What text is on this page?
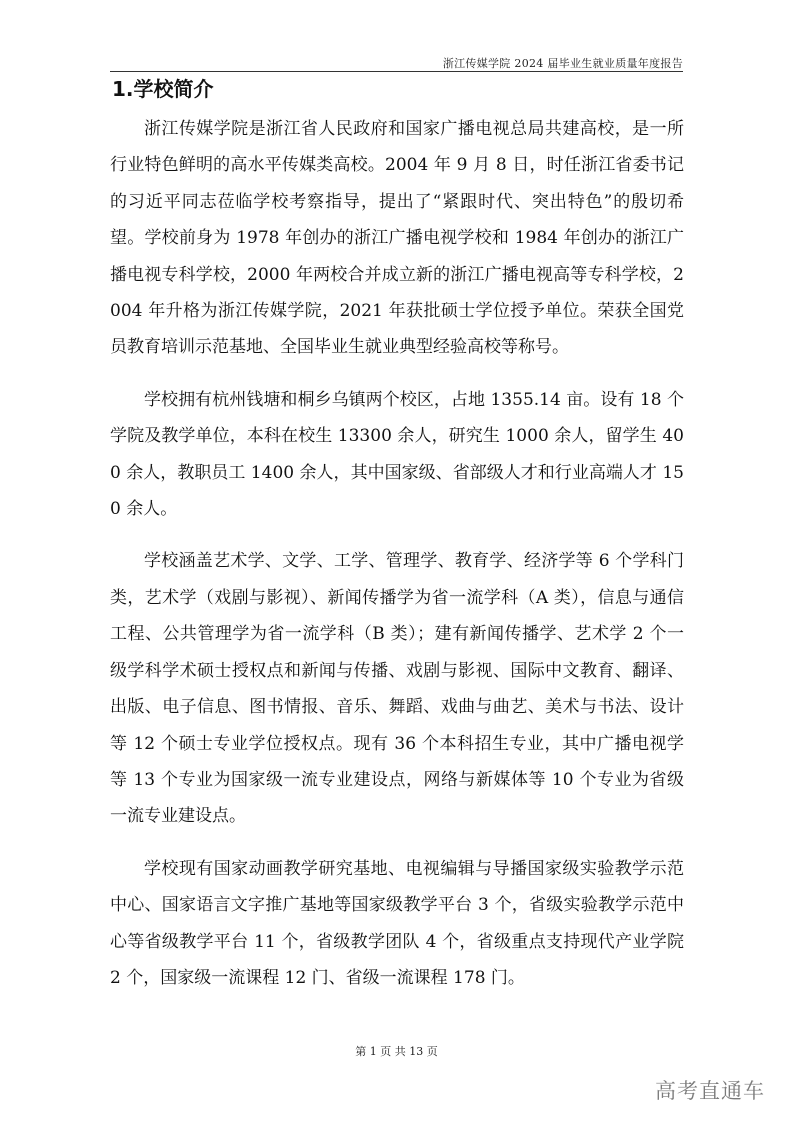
浙江传媒学院 2024 届毕业生就业质量年度报告
1.学校简介

浙江传媒学院是浙江省人民政府和国家广播电视总局共建高校，是一所行业特色鲜明的高水平传媒类高校。2004 年 9 月 8 日，时任浙江省委书记的习近平同志莅临学校考察指导，提出了“紧跟时代、突出特色”的殷切希望。学校前身为 1978 年创办的浙江广播电视学校和 1984 年创办的浙江广播电视专科学校，2000 年两校合并成立新的浙江广播电视高等专科学校，2004 年升格为浙江传媒学院，2021 年获批硕士学位授予单位。荣获全国党员教育培训示范基地、全国毕业生就业典型经验高校等称号。

学校拥有杭州钱塘和桐乡乌镇两个校区，占地 1355.14 亩。设有 18 个学院及教学单位，本科在校生 13300 余人，研究生 1000 余人，留学生 400 余人，教职员工 1400 余人，其中国家级、省部级人才和行业高端人才 150 余人。

学校涵盖艺术学、文学、工学、管理学、教育学、经济学等 6 个学科门类，艺术学（戏剧与影视）、新闻传播学为省一流学科（A 类），信息与通信工程、公共管理学为省一流学科（B 类）；建有新闻传播学、艺术学 2 个一级学科学术硕士授权点和新闻与传播、戏剧与影视、国际中文教育、翻译、出版、电子信息、图书情报、音乐、舞蹈、戏曲与曲艺、美术与书法、设计等 12 个硕士专业学位授权点。现有 36 个本科招生专业，其中广播电视学等 13 个专业为国家级一流专业建设点，网络与新媒体等 10 个专业为省级一流专业建设点。

学校现有国家动画教学研究基地、电视编辑与导播国家级实验教学示范中心、国家语言文字推广基地等国家级教学平台 3 个，省级实验教学示范中心等省级教学平台 11 个，省级教学团队 4 个，省级重点支持现代产业学院 2 个，国家级一流课程 12 门、省级一流课程 178 门。

第 1 页 共 13 页
高考直通车
